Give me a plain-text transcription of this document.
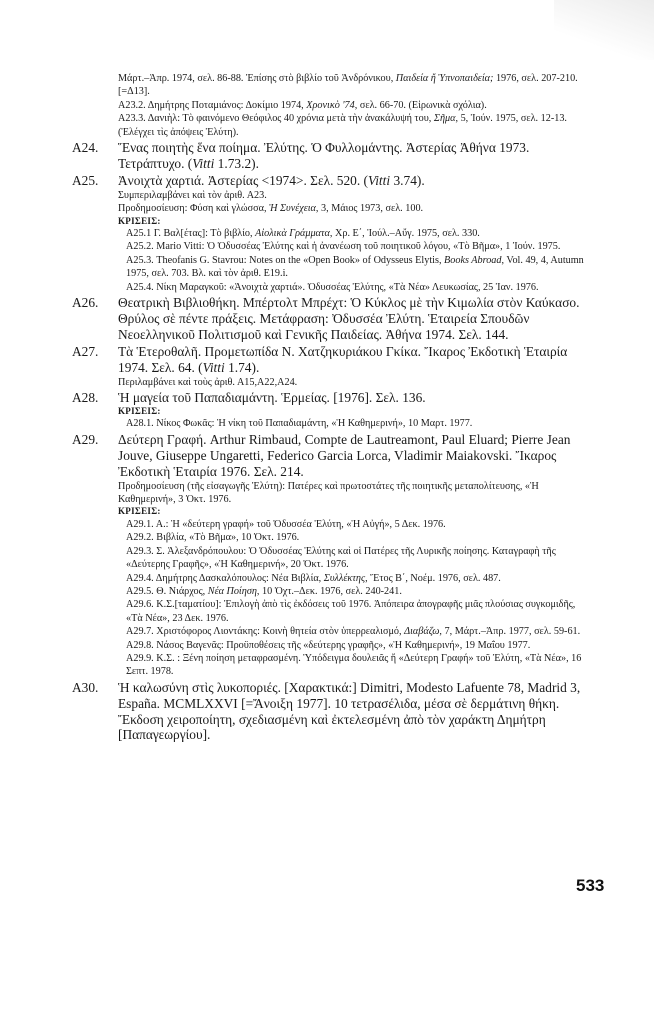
Μάρτ.–Ἀπρ. 1974, σελ. 86-88. Ἐπίσης στὸ βιβλίο τοῦ Ἀνδρόνικου, Παιδεία ἤ Ὑπνοπαιδεία; 1976, σελ. 207-210. [=Δ13].
Α23.2. Δημήτρης Ποταμιάνος: Δοκίμιο 1974, Χρονικὸ '74, σελ. 66-70. (Εἰρωνικὰ σχόλια).
Α23.3. Δανιὴλ: Τὸ φαινόμενο Θεόφιλος 40 χρόνια μετὰ τὴν ἀνακάλυψή του, Σῆμα, 5, Ἰούν. 1975, σελ. 12-13. (Ἐλέγχει τὶς ἀπόψεις Ἐλύτη).
Α24.	Ἕνας ποιητὴς ἕνα ποίημα. Ἐλύτης. Ὁ Φυλλομάντης. Ἀστερίας Ἀθήνα 1973. Τετράπτυχο. (Vitti 1.73.2).
Α25.	Ἀνοιχτὰ χαρτιά. Ἀστερίας <1974>. Σελ. 520. (Vitti 3.74).
Συμπεριλαμβάνει καὶ τὸν ἀριθ. Α23.
Προδημοσίευση: Φύση καὶ γλώσσα, Ἡ Συνέχεια, 3, Μάιος 1973, σελ. 100.
ΚΡΙΣΕΙΣ:
Α25.1 Γ. Βαλ[έτας]: Τὸ βιβλίο, Αἰολικὰ Γράμματα, Χρ. Ε΄, Ἰούλ.–Αὔγ. 1975, σελ. 330.
Α25.2. Mario Vitti: Ὁ Ὀδυσσέας Ἐλύτης καὶ ἡ ἀνανέωση τοῦ ποιητικοῦ λόγου, «Τὸ Βῆμα», 1 Ἰούν. 1975.
Α25.3. Theofanis G. Stavrou: Notes on the «Open Book» of Odysseus Elytis, Books Abroad, Vol. 49, 4, Autumn 1975, σελ. 703. Βλ. καὶ τὸν ἀριθ. Ε19.i.
Α25.4. Νίκη Μαραγκοῦ: «Ἀνοιχτὰ χαρτιά». Ὀδυσσέας Ἐλύτης, «Τὰ Νέα» Λευκωσίας, 25 Ἰαν. 1976.
Α26.	Θεατρικὴ Βιβλιοθήκη. Μπέρτολτ Μπρέχτ: Ὁ Κύκλος μὲ τὴν Κιμωλία στὸν Καύκασο. Θρύλος σὲ πέντε πράξεις. Μετάφραση: Ὀδυσσέα Ἐλύτη. Ἑταιρεία Σπουδῶν Νεοελληνικοῦ Πολιτισμοῦ καὶ Γενικῆς Παιδείας. Ἀθήνα 1974. Σελ. 144.
Α27.	Τὰ Ἑτεροθαλῆ. Προμετωπίδα Ν. Χατζηκυριάκου Γκίκα. Ἴκαρος Ἐκδοτικὴ Ἑταιρία 1974. Σελ. 64. (Vitti 1.74).
Περιλαμβάνει καὶ τοὺς ἀριθ. Α15,Α22,Α24.
Α28.	Ἡ μαγεία τοῦ Παπαδιαμάντη. Ἑρμείας. [1976]. Σελ. 136.
ΚΡΙΣΕΙΣ:
Α28.1. Νίκος Φωκᾶς: Ἡ νίκη τοῦ Παπαδιαμάντη, «Ἡ Καθημερινή», 10 Μαρτ. 1977.
Α29.	Δεύτερη Γραφή. Arthur Rimbaud, Compte de Lautreamont, Paul Eluard; Pierre Jean Jouve, Giuseppe Ungaretti, Federico Garcia Lorca, Vladimir Maiakovski. Ἴκαρος Ἐκδοτικὴ Ἑταιρία 1976. Σελ. 214.
Προδημοσίευση (τῆς εἰσαγωγῆς Ἐλύτη): Πατέρες καὶ πρωτοστάτες τῆς ποιητικῆς μεταπολίτευσης, «Ἡ Καθημερινή», 3 Ὀκτ. 1976.
ΚΡΙΣΕΙΣ:
Α29.1. Α.: Ἡ «δεύτερη γραφή» τοῦ Ὀδυσσέα Ἐλύτη, «Ἡ Αὐγή», 5 Δεκ. 1976.
Α29.2. Βιβλία, «Τὸ Βῆμα», 10 Ὀκτ. 1976.
Α29.3. Σ. Ἀλεξανδρόπουλου: Ὁ Ὀδυσσέας Ἐλύτης καὶ οἱ Πατέρες τῆς Λυρικῆς ποίησης. Καταγραφὴ τῆς «Δεύτερης Γραφῆς», «Ἡ Καθημερινή», 20 Ὀκτ. 1976.
Α29.4. Δημήτρης Δασκαλόπουλος: Νέα Βιβλία, Συλλέκτης, Ἔτος Β΄, Νοέμ. 1976, σελ. 487.
Α29.5. Θ. Νιάρχος, Νέα Ποίηση, 10 Ὀχτ.–Δεκ. 1976, σελ. 240-241.
Α29.6. Κ.Σ.[ταματίου]: Ἐπιλογὴ ἀπὸ τὶς ἐκδόσεις τοῦ 1976. Ἀπόπειρα ἀπογραφῆς μιᾶς πλούσιας συγκομιδῆς, «Τὰ Νέα», 23 Δεκ. 1976.
Α29.7. Χριστόφορος Λιοντάκης: Κοινὴ θητεία στὸν ὑπερρεαλισμό, Διαβάζω, 7, Μάρτ.–Ἀπρ. 1977, σελ. 59-61.
Α29.8. Νάσος Βαγενᾶς: Προϋποθέσεις τῆς «δεύτερης γραφῆς», «Ἡ Καθημερινή», 19 Μαΐου 1977.
Α29.9. Κ.Σ. : Ξένη ποίηση μεταφρασμένη. Ὑπόδειγμα δουλειᾶς ἤ «Δεύτερη Γραφή» τοῦ Ἐλύτη, «Τὰ Νέα», 16 Σεπτ. 1978.
Α30.	Ἡ καλωσύνη στὶς λυκοποριές. [Χαρακτικά:] Dimitri, Modesto Lafuente 78, Madrid 3, España. MCMLXXVI [=Ἄνοιξη 1977]. 10 τετρασέλιδα, μέσα σὲ δερμάτινη θήκη. Ἔκδοση χειροποίητη, σχεδιασμένη καὶ ἐκτελεσμένη ἀπὸ τὸν χαράκτη Δημήτρη [Παπαγεωργίου].
533
